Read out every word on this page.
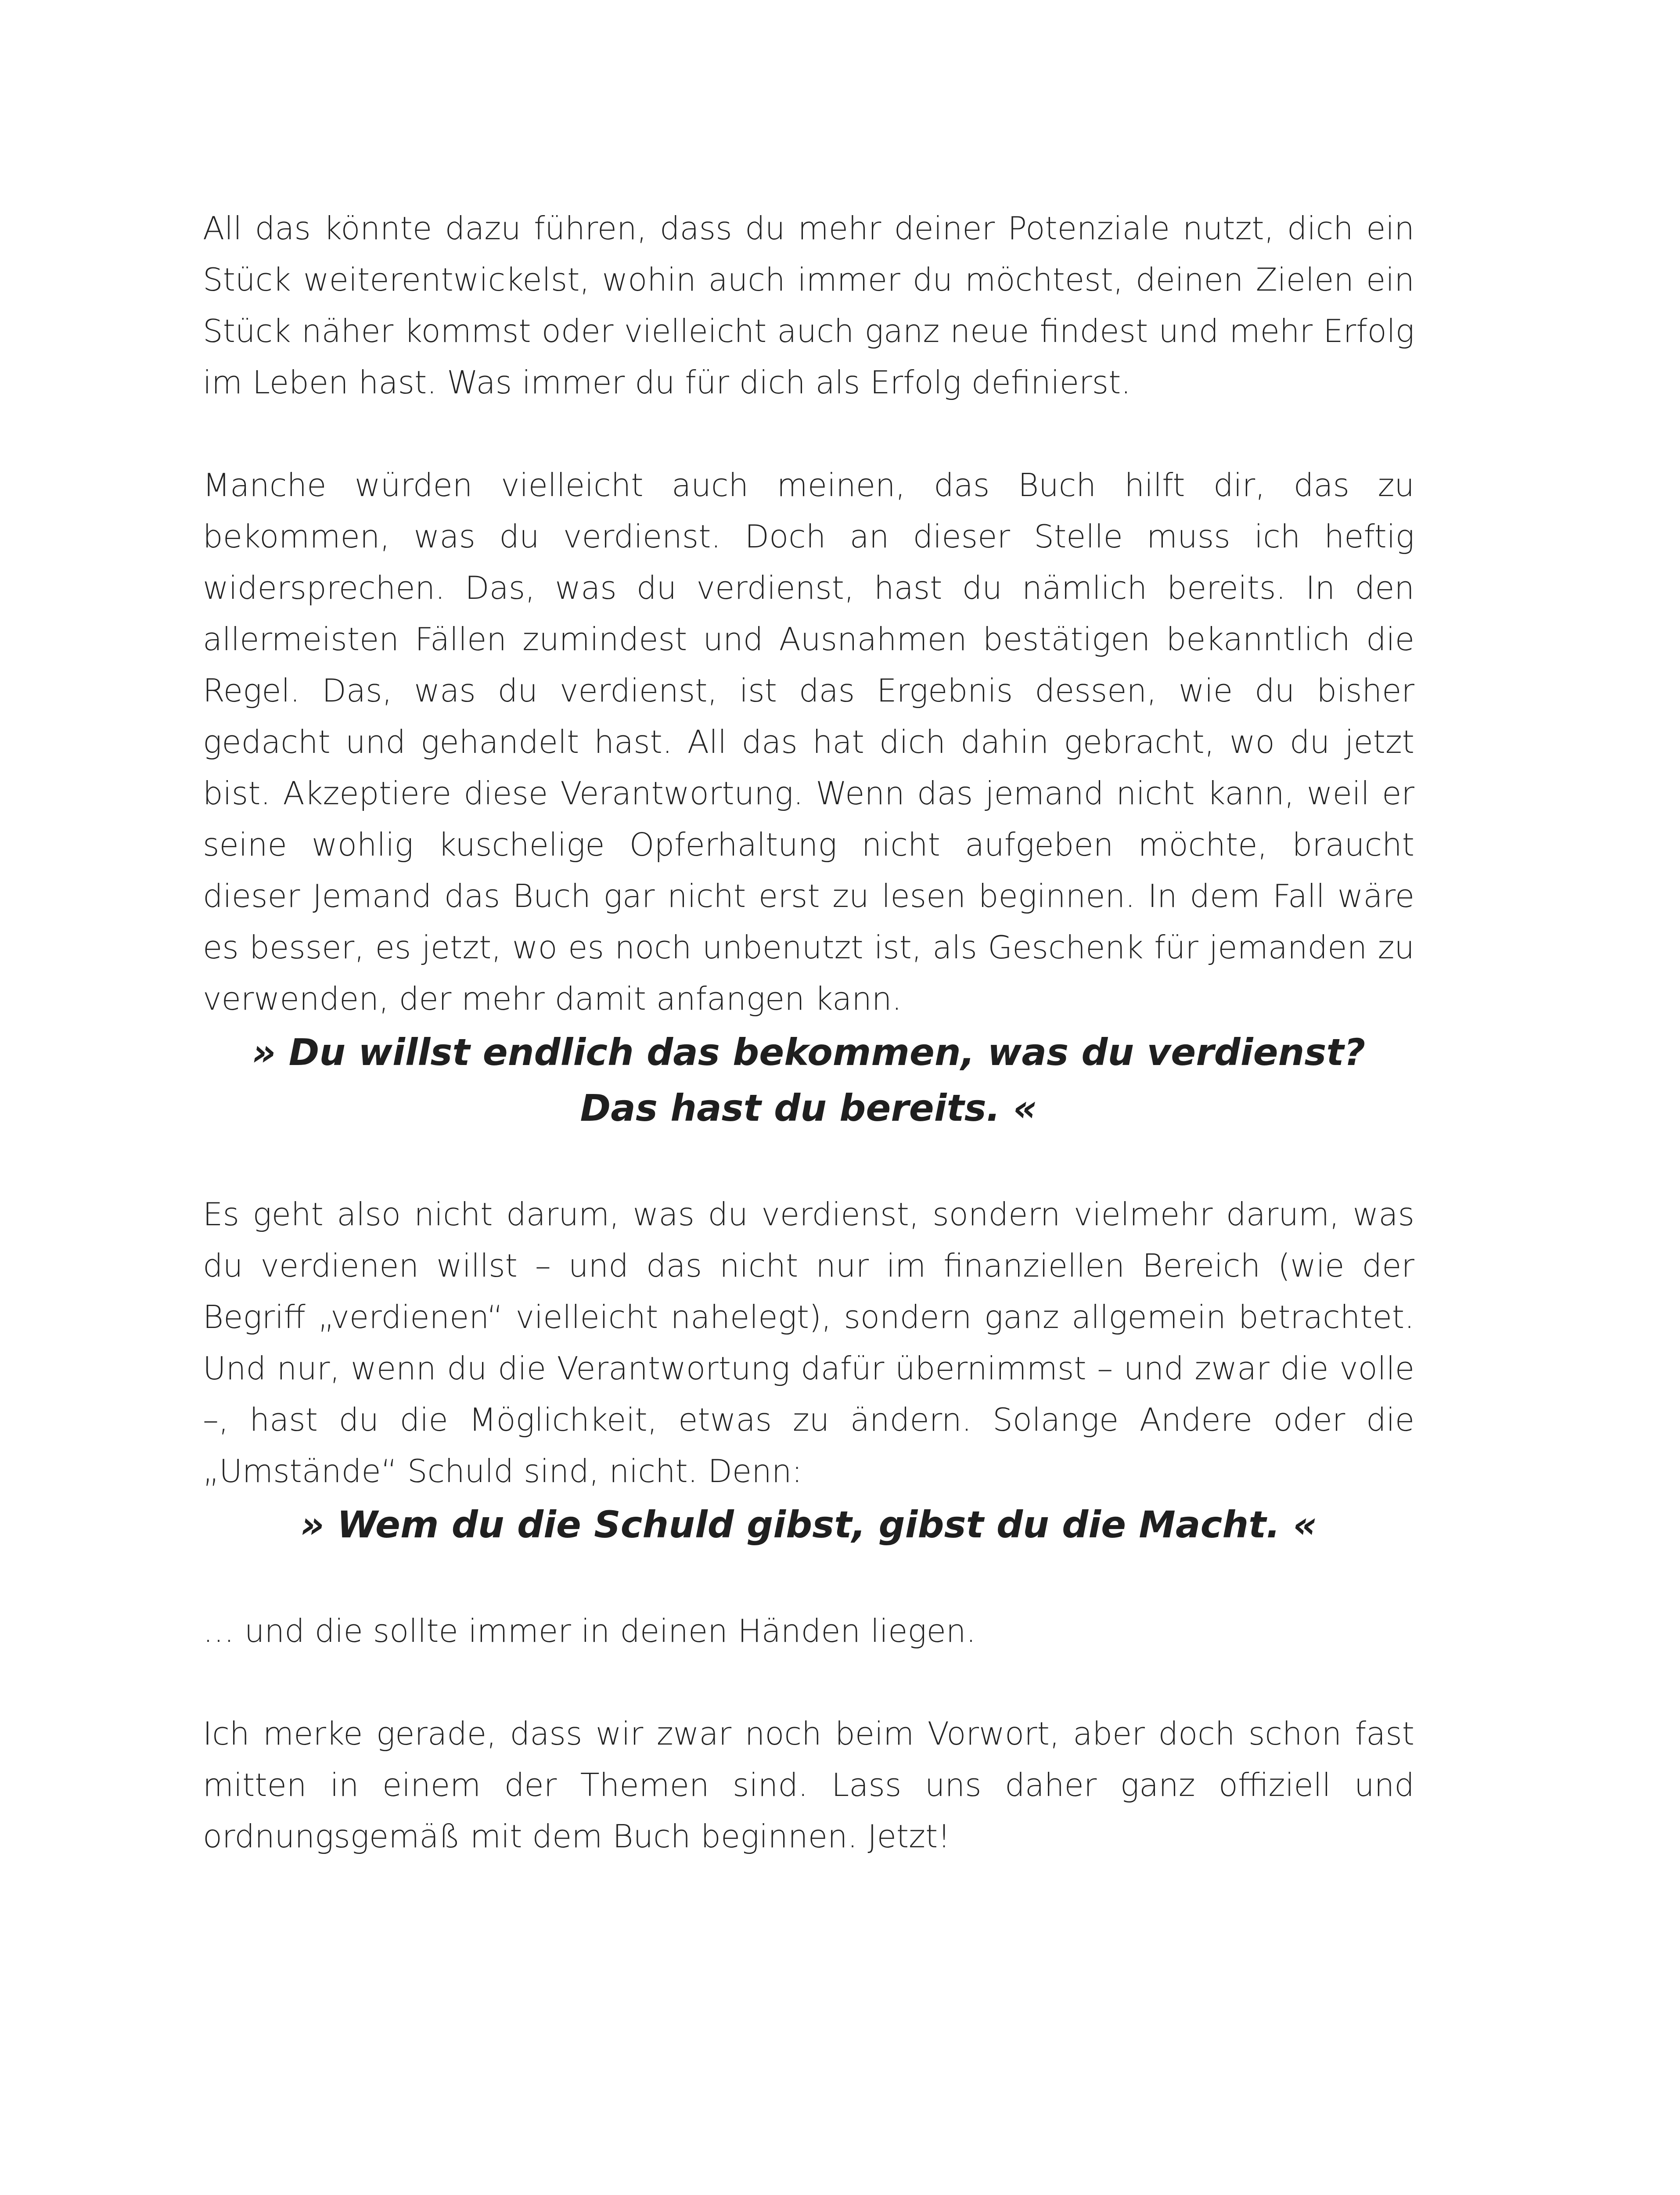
All das könnte dazu führen, dass du mehr deiner Potenziale nutzt, dich ein Stück weiterentwickelst, wohin auch immer du möchtest, deinen Zielen ein Stück näher kommst oder vielleicht auch ganz neue findest und mehr Erfolg im Leben hast. Was immer du für dich als Erfolg definierst.

Manche würden vielleicht auch meinen, das Buch hilft dir, das zu bekommen, was du verdienst. Doch an dieser Stelle muss ich heftig widersprechen. Das, was du verdienst, hast du nämlich bereits. In den allermeisten Fällen zumindest und Ausnahmen bestätigen bekanntlich die Regel. Das, was du verdienst, ist das Ergebnis dessen, wie du bisher gedacht und gehandelt hast. All das hat dich dahin gebracht, wo du jetzt bist. Akzeptiere diese Verantwortung. Wenn das jemand nicht kann, weil er seine wohlig kuschelige Opferhaltung nicht aufgeben möchte, braucht dieser Jemand das Buch gar nicht erst zu lesen beginnen. In dem Fall wäre es besser, es jetzt, wo es noch unbenutzt ist, als Geschenk für jemanden zu verwenden, der mehr damit anfangen kann.

» Du willst endlich das bekommen, was du verdienst?
Das hast du bereits. «

Es geht also nicht darum, was du verdienst, sondern vielmehr darum, was du verdienen willst – und das nicht nur im finanziellen Bereich (wie der Begriff „verdienen“ vielleicht nahelegt), sondern ganz allgemein betrachtet. Und nur, wenn du die Verantwortung dafür übernimmst – und zwar die volle –, hast du die Möglichkeit, etwas zu ändern. Solange Andere oder die „Umstände“ Schuld sind, nicht. Denn:

» Wem du die Schuld gibst, gibst du die Macht. «

… und die sollte immer in deinen Händen liegen.

Ich merke gerade, dass wir zwar noch beim Vorwort, aber doch schon fast mitten in einem der Themen sind. Lass uns daher ganz offiziell und ordnungsgemäß mit dem Buch beginnen. Jetzt!
